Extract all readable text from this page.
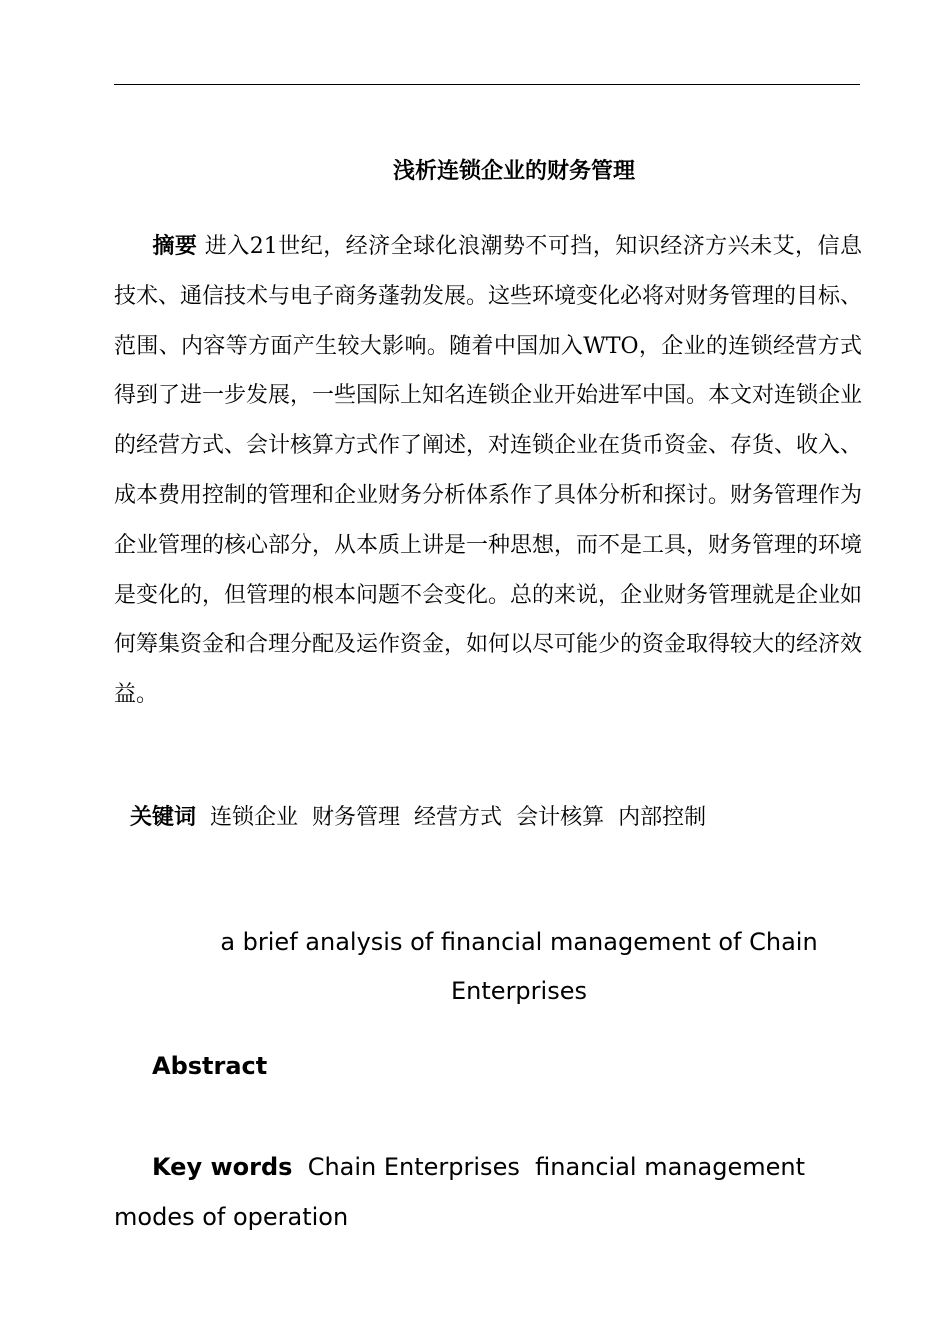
浅析连锁企业的财务管理

摘要 进入21世纪，经济全球化浪潮势不可挡，知识经济方兴未艾，信息技术、通信技术与电子商务蓬勃发展。这些环境变化必将对财务管理的目标、范围、内容等方面产生较大影响。随着中国加入WTO，企业的连锁经营方式得到了进一步发展，一些国际上知名连锁企业开始进军中国。本文对连锁企业的经营方式、会计核算方式作了阐述，对连锁企业在货币资金、存货、收入、成本费用控制的管理和企业财务分析体系作了具体分析和探讨。财务管理作为企业管理的核心部分，从本质上讲是一种思想，而不是工具，财务管理的环境是变化的，但管理的根本问题不会变化。总的来说，企业财务管理就是企业如何筹集资金和合理分配及运作资金，如何以尽可能少的资金取得较大的经济效益。

关键词 连锁企业 财务管理 经营方式 会计核算 内部控制
a brief analysis of financial management of Chain Enterprises
Abstract

Key words Chain Enterprises financial management modes of operation
